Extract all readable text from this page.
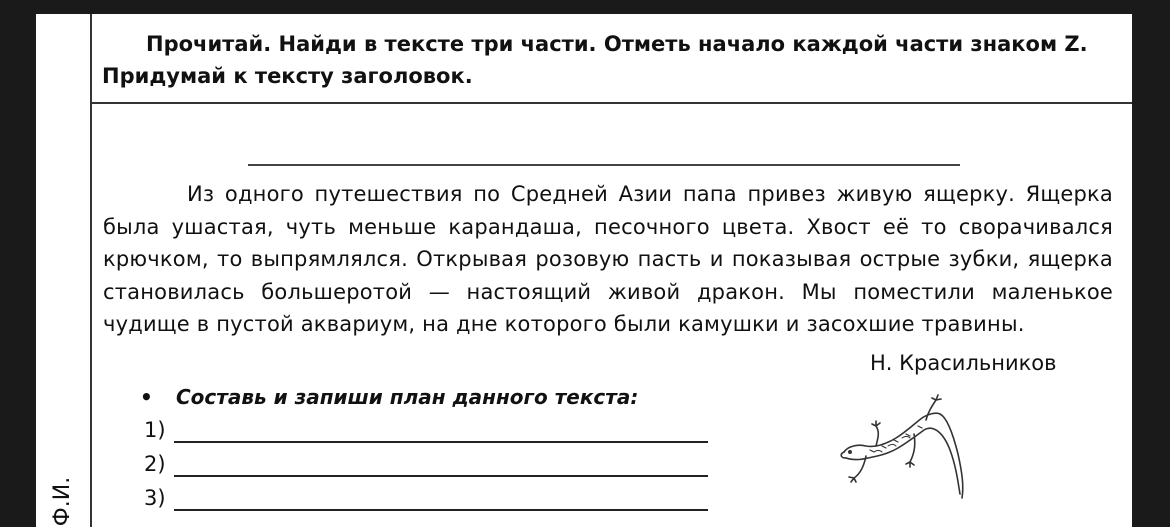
Ф.И.
Прочитай. Найди в тексте три части. Отметь начало каждой части знаком Z.
Придумай к тексту заголовок.

Из одного путешествия по Средней Азии папа привез живую ящерку. Ящерка была ушастая, чуть меньше карандаша, песочного цвета. Хвост её то сворачивался крючком, то выпрямлялся. Открывая розовую пасть и показывая острые зубки, ящерка становилась большеротой — настоящий живой дракон. Мы поместили маленькое чудище в пустой аквариум, на дне которого были камушки и засохшие травины.

Н. Красильников
• Составь и запиши план данного текста:
1)
2)
3)
